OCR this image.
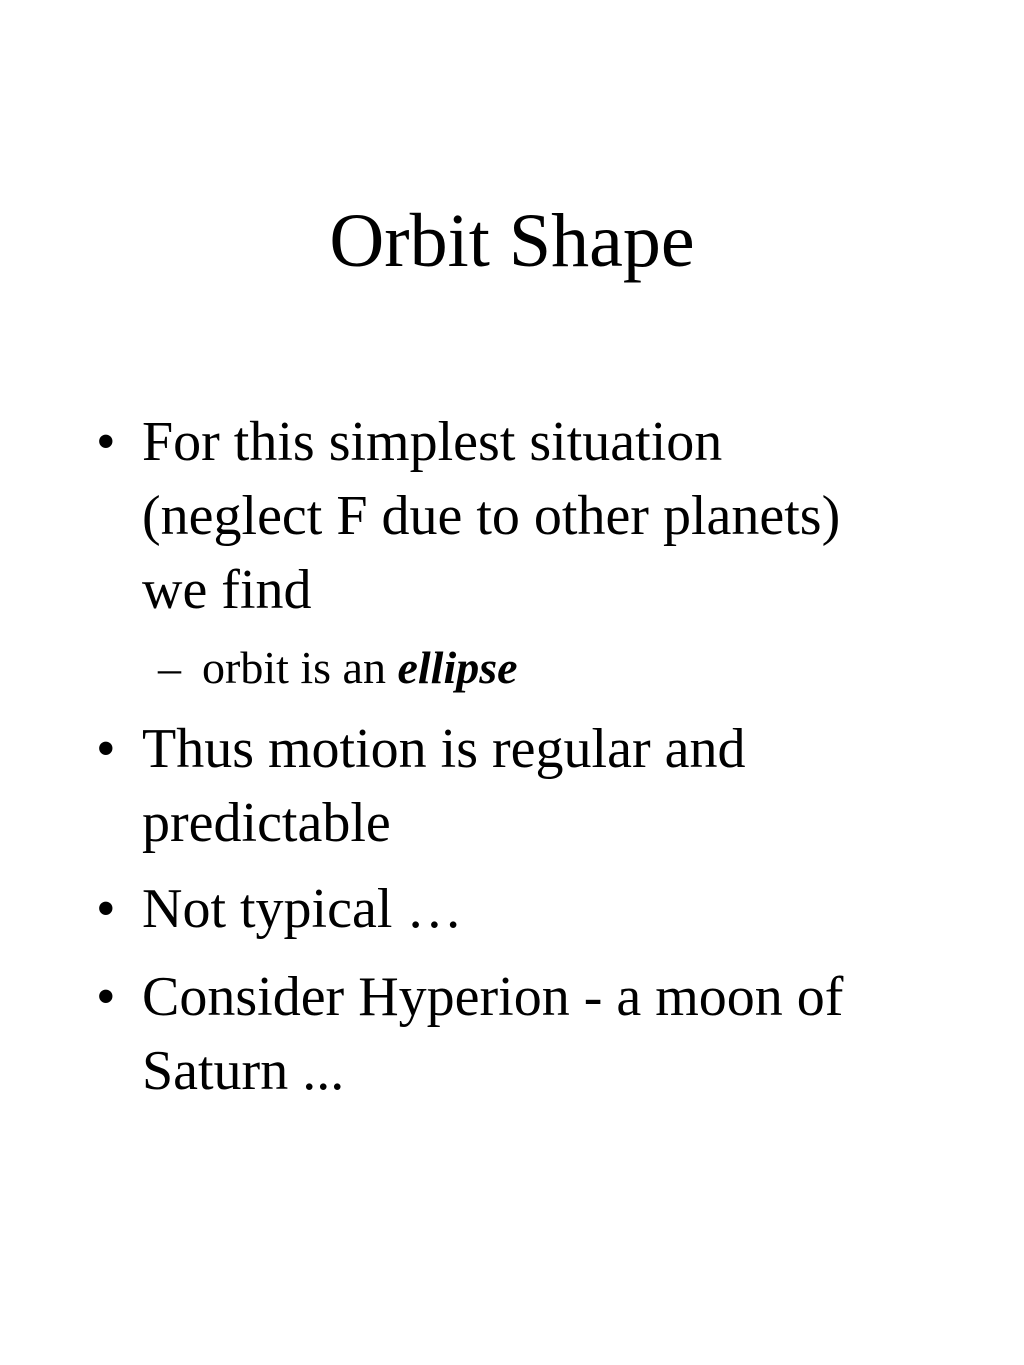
Orbit Shape
• For this simplest situation
(neglect F due to other planets)
we find
– orbit is an ellipse
• Thus motion is regular and
predictable
• Not typical …
• Consider Hyperion - a moon of
Saturn ...
